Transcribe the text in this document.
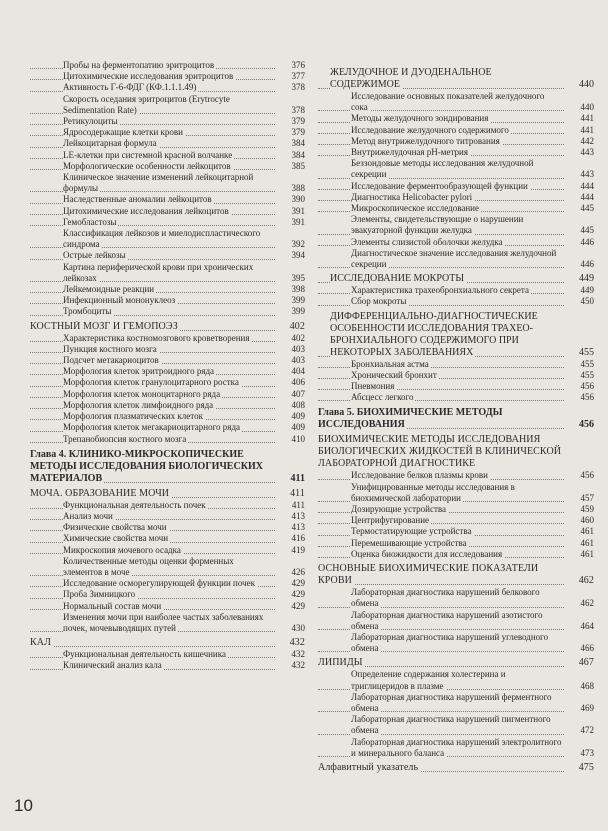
Пробы на ферментопатию эритроцитов	376
Цитохимические исследования эритроцитов	377
Активность Г-6-ФДГ (КФ.1.1.1.49)	378
Скорость оседания эритроцитов (Erytrocyte Sedimentation Rate)	378
Ретикулоциты	379
Ядросодержащие клетки крови	379
Лейкоцитарная формула	384
LE-клетки при системной красной волчанке	384
Морфологические особенности лейкоцитов	385
Клиническое значение изменений лейкоцитарной формулы	388
Наследственные аномалии лейкоцитов	390
Цитохимические исследования лейкоцитов	391
Гемобластозы	391
Классификация лейкозов и миелодиспластического синдрома	392
Острые лейкозы	394
Картина периферической крови при хронических лейкозах	395
Лейкемоидные реакции	398
Инфекционный мононуклеоз	399
Тромбоциты	399
КОСТНЫЙ МОЗГ И ГЕМОПОЭЗ	402
Характеристика костномозгового кроветворения	402
Пункция костного мозга	403
Подсчет метакариоцитов	403
Морфология клеток эритроидного ряда	404
Морфология клеток гранулоцитарного ростка	406
Морфология клеток моноцитарного ряда	407
Морфология клеток лимфоидного ряда	408
Морфология плазматических клеток	409
Морфология клеток мегакариоцитарного ряда	409
Трепанобиопсия костного мозга	410
Глава 4. КЛИНИКО-МИКРОСКОПИЧЕСКИЕ МЕТОДЫ ИССЛЕДОВАНИЯ БИОЛОГИЧЕСКИХ МАТЕРИАЛОВ	411
МОЧА. ОБРАЗОВАНИЕ МОЧИ	411
Функциональная деятельность почек	411
Анализ мочи	413
Физические свойства мочи	413
Химические свойства мочи	416
Микроскопия мочевого осадка	419
Количественные методы оценки форменных элементов в моче	426
Исследование осморегулирующей функции почек	429
Проба Зимницкого	429
Нормальный состав мочи	429
Изменения мочи при наиболее частых заболеваниях почек, мочевыводящих путей	430
КАЛ	432
Функциональная деятельность кишечника	432
Клинический анализ кала	432
ЖЕЛУДОЧНОЕ И ДУОДЕНАЛЬНОЕ СОДЕРЖИМОЕ	440
Исследование основных показателей желудочного сока	440
Методы желудочного зондирования	441
Исследование желудочного содержимого	441
Метод внутрижелудочного титрования	442
Внутрижелудочная pH-метрия	443
Беззондовые методы исследования желудочной секреции	443
Исследование ферментообразующей функции	444
Диагностика Helicobacter pylori	444
Микроскопическое исследование	445
Элементы, свидетельствующие о нарушении эвакуаторной функции желудка	445
Элементы слизистой оболочки желудка	446
Диагностическое значение исследования желудочной секреции	446
ИССЛЕДОВАНИЕ МОКРОТЫ	449
Характеристика трахеобронхиального секрета	449
Сбор мокроты	450
ДИФФЕРЕНЦИАЛЬНО-ДИАГНОСТИЧЕСКИЕ ОСОБЕННОСТИ ИССЛЕДОВАНИЯ ТРАХЕО-БРОНХИАЛЬНОГО СОДЕРЖИМОГО ПРИ НЕКОТОРЫХ ЗАБОЛЕВАНИЯХ	455
Бронхиальная астма	455
Хронический бронхит	455
Пневмония	456
Абсцесс легкого	456
Глава 5. БИОХИМИЧЕСКИЕ МЕТОДЫ ИССЛЕДОВАНИЯ	456
БИОХИМИЧЕСКИЕ МЕТОДЫ ИССЛЕДОВАНИЯ БИОЛОГИЧЕСКИХ ЖИДКОСТЕЙ В КЛИНИЧЕСКОЙ ЛАБОРАТОРНОЙ ДИАГНОСТИКЕ
Исследование белков плазмы крови	456
Унифицированные методы исследования в биохимической лаборатории	457
Дозирующие устройства	459
Центрифугирование	460
Термостатирующие устройства	461
Перемешивающие устройства	461
Оценка биожидкости для исследования	461
ОСНОВНЫЕ БИОХИМИЧЕСКИЕ ПОКАЗАТЕЛИ КРОВИ	462
Лабораторная диагностика нарушений белкового обмена	462
Лабораторная диагностика нарушений азотистого обмена	464
Лабораторная диагностика нарушений углеводного обмена	466
ЛИПИДЫ	467
Определение содержания холестерина и триглицеридов в плазме	468
Лабораторная диагностика нарушений ферментного обмена	469
Лабораторная диагностика нарушений пигментного обмена	472
Лабораторная диагностика нарушений электролитного и минерального баланса	473
Алфавитный указатель	475
10
